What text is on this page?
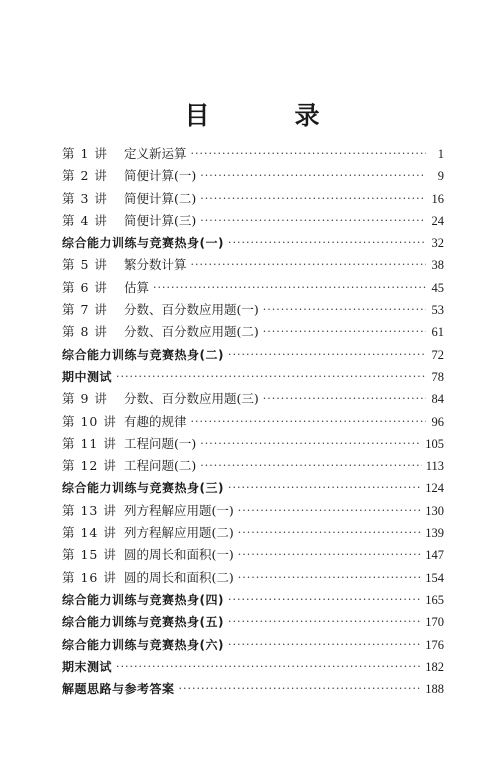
目　录
第 1 讲	定义新运算 ·····	1
第 2 讲	简便计算(一) ·····	9
第 3 讲	简便计算(二) ·····	16
第 4 讲	简便计算(三) ·····	24
综合能力训练与竞赛热身(一) ·····	32
第 5 讲	繁分数计算 ·····	38
第 6 讲	估算 ·····	45
第 7 讲	分数、百分数应用题(一) ·····	53
第 8 讲	分数、百分数应用题(二) ·····	61
综合能力训练与竞赛热身(二) ·····	72
期中测试 ·····	78
第 9 讲	分数、百分数应用题(三) ·····	84
第 10 讲 有趣的规律 ·····	96
第 11 讲 工程问题(一) ·····	105
第 12 讲 工程问题(二) ·····	113
综合能力训练与竞赛热身(三) ·····	124
第 13 讲 列方程解应用题(一) ·····	130
第 14 讲 列方程解应用题(二) ·····	139
第 15 讲 圆的周长和面积(一) ·····	147
第 16 讲 圆的周长和面积(二) ·····	154
综合能力训练与竞赛热身(四) ·····	165
综合能力训练与竞赛热身(五) ·····	170
综合能力训练与竞赛热身(六) ·····	176
期末测试 ·····	182
解题思路与参考答案 ·····	188
